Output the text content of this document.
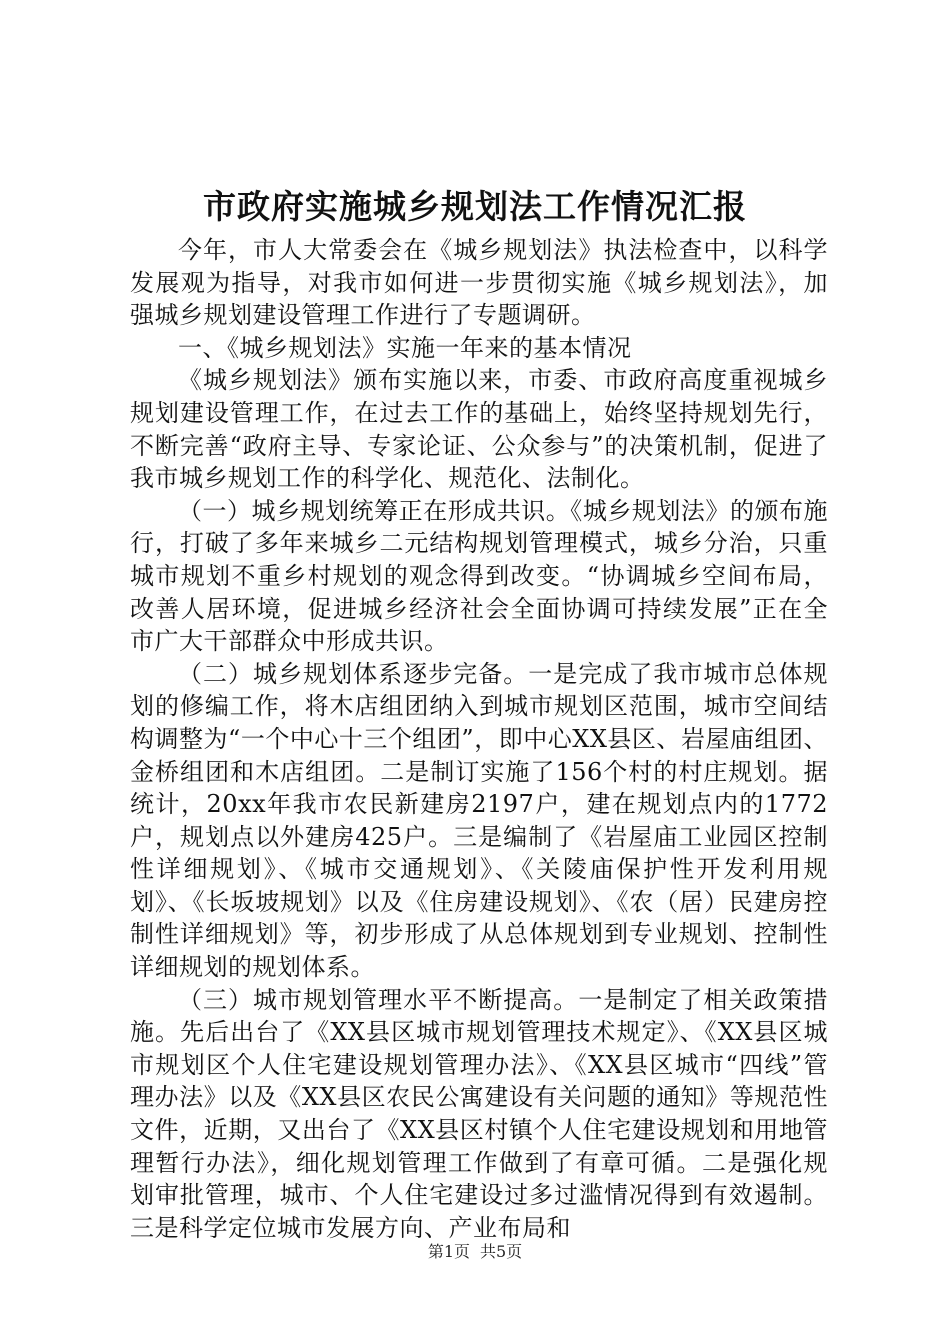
市政府实施城乡规划法工作情况汇报

今年，市人大常委会在《城乡规划法》执法检查中，以科学发展观为指导，对我市如何进一步贯彻实施《城乡规划法》，加强城乡规划建设管理工作进行了专题调研。

一、《城乡规划法》实施一年来的基本情况

《城乡规划法》颁布实施以来，市委、市政府高度重视城乡规划建设管理工作，在过去工作的基础上，始终坚持规划先行，不断完善“政府主导、专家论证、公众参与”的决策机制，促进了我市城乡规划工作的科学化、规范化、法制化。

（一）城乡规划统筹正在形成共识。《城乡规划法》的颁布施行，打破了多年来城乡二元结构规划管理模式，城乡分治，只重城市规划不重乡村规划的观念得到改变。“协调城乡空间布局，改善人居环境，促进城乡经济社会全面协调可持续发展”正在全市广大干部群众中形成共识。

（二）城乡规划体系逐步完备。一是完成了我市城市总体规划的修编工作，将木店组团纳入到城市规划区范围，城市空间结构调整为“一个中心十三个组团”，即中心XX县区、岩屋庙组团、金桥组团和木店组团。二是制订实施了156个村的村庄规划。据统计，20xx年我市农民新建房2197户，建在规划点内的1772户，规划点以外建房425户。三是编制了《岩屋庙工业园区控制性详细规划》、《城市交通规划》、《关陵庙保护性开发利用规划》、《长坂坡规划》以及《住房建设规划》、《农（居）民建房控制性详细规划》等，初步形成了从总体规划到专业规划、控制性详细规划的规划体系。

（三）城市规划管理水平不断提高。一是制定了相关政策措施。先后出台了《XX县区城市规划管理技术规定》、《XX县区城市规划区个人住宅建设规划管理办法》、《XX县区城市“四线”管理办法》以及《XX县区农民公寓建设有关问题的通知》等规范性文件，近期，又出台了《XX县区村镇个人住宅建设规划和用地管理暂行办法》，细化规划管理工作做到了有章可循。二是强化规划审批管理，城市、个人住宅建设过多过滥情况得到有效遏制。三是科学定位城市发展方向、产业布局和

第1页 共5页
